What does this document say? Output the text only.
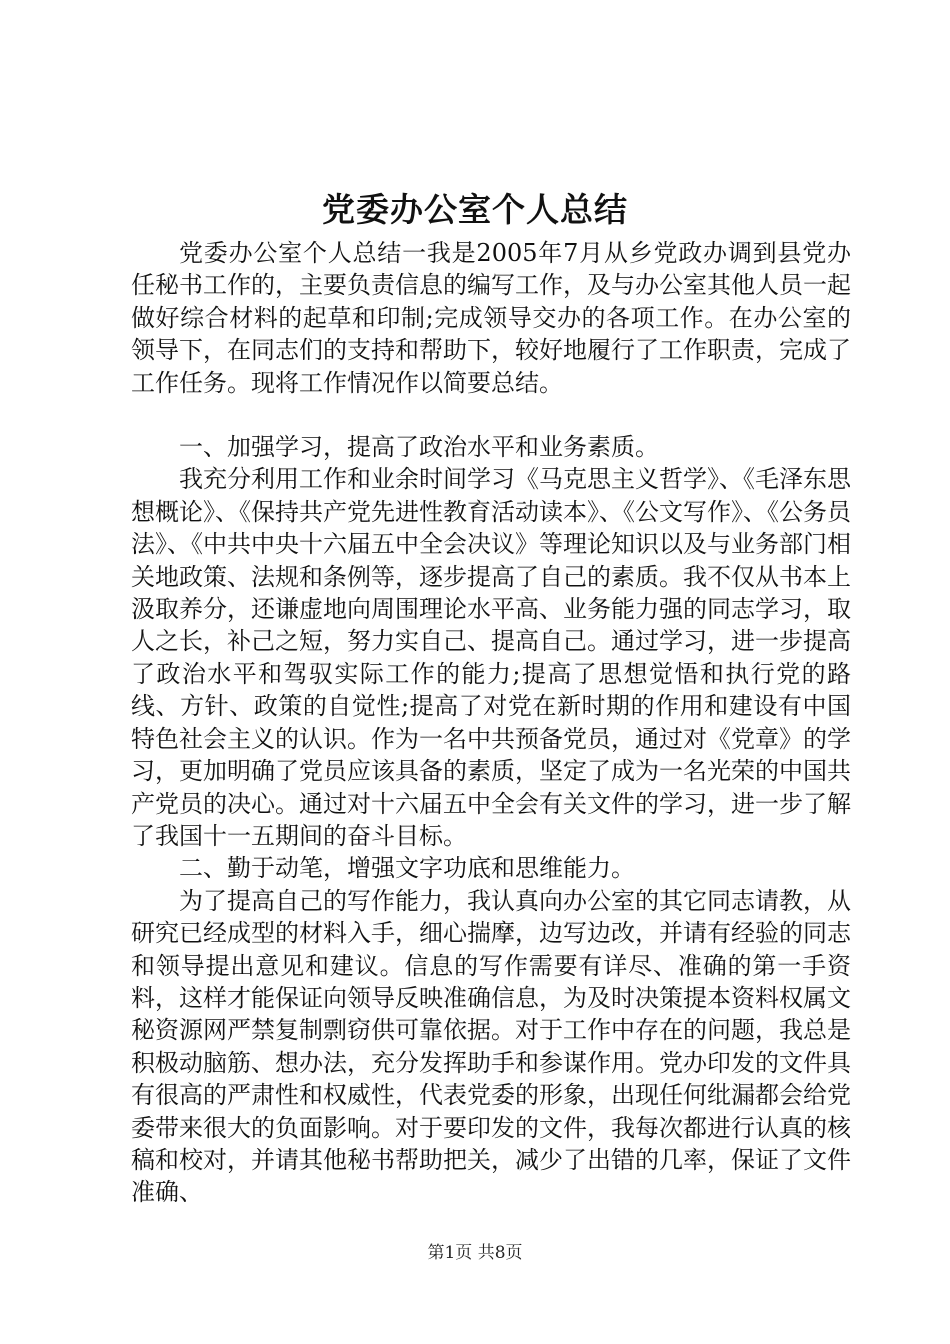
党委办公室个人总结

党委办公室个人总结一我是2005年7月从乡党政办调到县党办任秘书工作的，主要负责信息的编写工作，及与办公室其他人员一起做好综合材料的起草和印制;完成领导交办的各项工作。在办公室的领导下，在同志们的支持和帮助下，较好地履行了工作职责，完成了工作任务。现将工作情况作以简要总结。

一、加强学习，提高了政治水平和业务素质。

我充分利用工作和业余时间学习《马克思主义哲学》、《毛泽东思想概论》、《保持共产党先进性教育活动读本》、《公文写作》、《公务员法》、《中共中央十六届五中全会决议》等理论知识以及与业务部门相关地政策、法规和条例等，逐步提高了自己的素质。我不仅从书本上汲取养分，还谦虚地向周围理论水平高、业务能力强的同志学习，取人之长，补己之短，努力实自己、提高自己。通过学习，进一步提高了政治水平和驾驭实际工作的能力;提高了思想觉悟和执行党的路线、方针、政策的自觉性;提高了对党在新时期的作用和建设有中国特色社会主义的认识。作为一名中共预备党员，通过对《党章》的学习，更加明确了党员应该具备的素质，坚定了成为一名光荣的中国共产党员的决心。通过对十六届五中全会有关文件的学习，进一步了解了我国十一五期间的奋斗目标。

二、勤于动笔，增强文字功底和思维能力。

为了提高自己的写作能力，我认真向办公室的其它同志请教，从研究已经成型的材料入手，细心揣摩，边写边改，并请有经验的同志和领导提出意见和建议。信息的写作需要有详尽、准确的第一手资料，这样才能保证向领导反映准确信息，为及时决策提本资料权属文秘资源网严禁复制剽窃供可靠依据。对于工作中存在的问题，我总是积极动脑筋、想办法，充分发挥助手和参谋作用。党办印发的文件具有很高的严肃性和权威性，代表党委的形象，出现任何纰漏都会给党委带来很大的负面影响。对于要印发的文件，我每次都进行认真的核稿和校对，并请其他秘书帮助把关，减少了出错的几率，保证了文件准确、

第1页 共8页
